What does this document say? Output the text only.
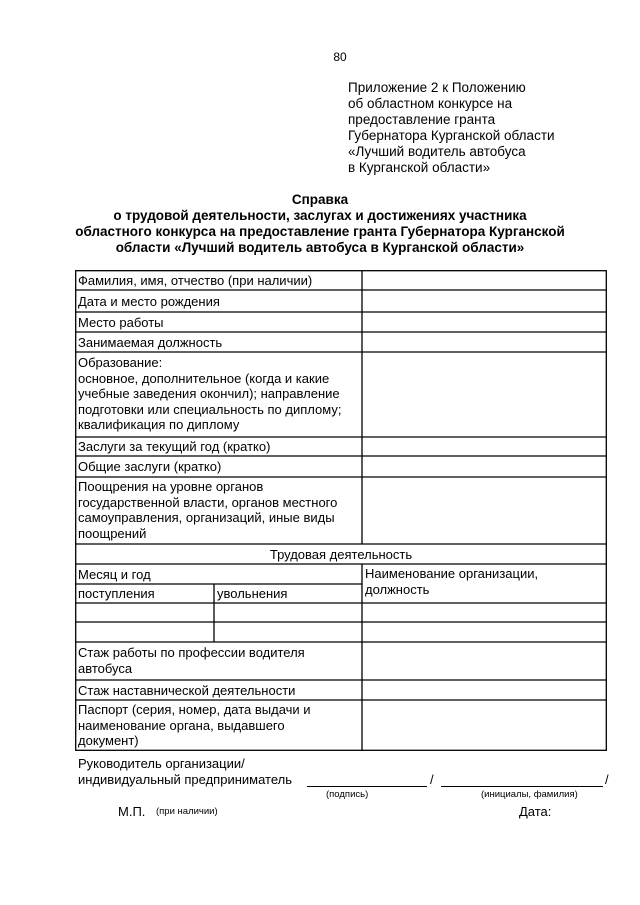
80
Приложение 2 к Положению
об областном конкурсе на
предоставление гранта
Губернатора Курганской области
«Лучший водитель автобуса
в Курганской области»
Справка
о трудовой деятельности, заслугах и достижениях участника
областного конкурса на предоставление гранта Губернатора Курганской
области «Лучший водитель автобуса в Курганской области»
Фамилия, имя, отчество (при наличии)
Дата и место рождения
Место работы
Занимаемая должность
Образование:
основное, дополнительное (когда и какие
учебные заведения окончил); направление
подготовки или специальность по диплому;
квалификация по диплому
Заслуги за текущий год (кратко)
Общие заслуги (кратко)
Поощрения на уровне органов
государственной власти, органов местного
самоуправления, организаций, иные виды
поощрений
Трудовая деятельность
Месяц и год	Наименование организации,
должность
поступления	увольнения
Стаж работы по профессии водителя
автобуса
Стаж наставнической деятельности
Паспорт (серия, номер, дата выдачи и
наименование органа, выдавшего
документ)
Руководитель организации/
индивидуальный предприниматель	/	/
(подпись)	(инициалы, фамилия)
М.П. (при наличии)	Дата:
